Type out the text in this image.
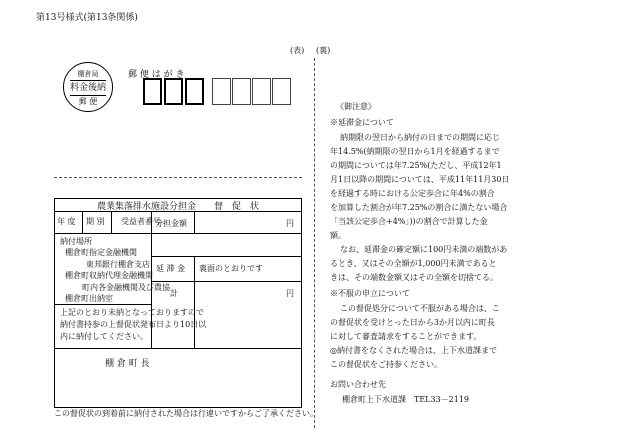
第13号様式(第13条関係)
(表) (裏)
棚倉局
料金後納
郵 便
郵 便 は が き
農業集落排水施設分担金　　督　促　状
年 度 期 別 受益者番号
分担金額	円
納付場所
棚倉町指定金融機関
東邦銀行棚倉支店
棚倉町収納代理金融機関
町内各金融機関及び農協
棚倉町出納室
延 滞 金 裏面のとおりです
計	円
上記のとおり未納となっておりますので
納付書持参の上督促状発布日より10日以
内に納付してください。
棚 倉 町 長
この督促状の到着前に納付された場合は行違いですからご了承ください。
《御注意》
※延滞金について
納期限の翌日から納付の日までの期間に応じ
年14.5%(納期限の翌日から1月を経過するまで
の期間については年7.25%(ただし、平成12年1
月1日以降の期間については、平成11年11月30日
を経過する時における公定歩合に年4%の割合
を加算した割合が年7.25%の割合に満たない場合
「当該公定歩合+4%」))の割合で計算した金
額。
なお、延滞金の確定額に100円未満の端数があ
るとき、又はその全額が1,000円未満であると
きは、その端数金額又はその全額を切捨てる。
※不服の申立について
この督促処分について不服がある場合は、こ
の督促状を受けとった日から3か月以内に町長
に対して審査請求をすることができます。
◎納付書をなくされた場合は、上下水道課まで
この督促状をご持参ください。
お問い合わせ先
棚倉町上下水道課　TEL33－2119
